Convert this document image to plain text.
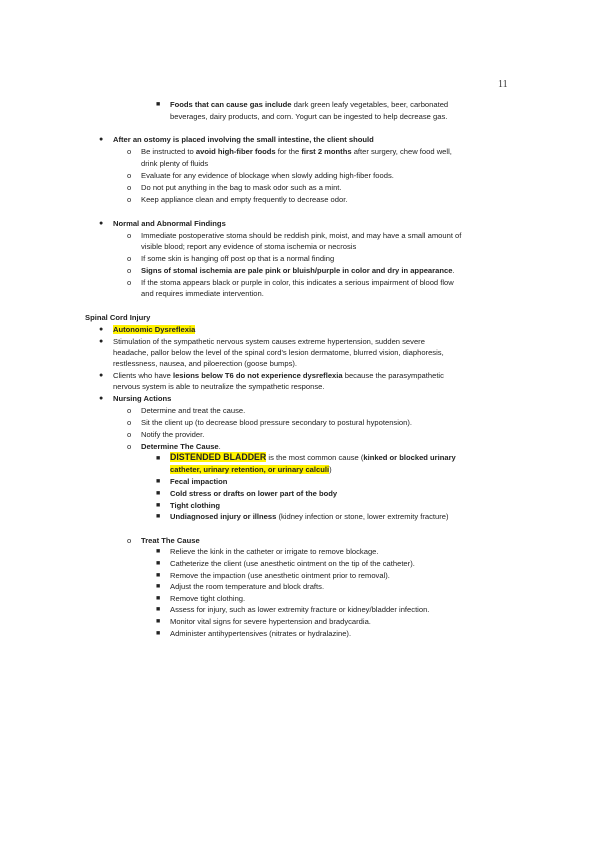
11
■ Foods that can cause gas include dark green leafy vegetables, beer, carbonated
beverages, dairy products, and corn. Yogurt can be ingested to help decrease gas.
● After an ostomy is placed involving the small intestine, the client should
o Be instructed to avoid high-fiber foods for the first 2 months after surgery, chew food well,
drink plenty of fluids
o Evaluate for any evidence of blockage when slowly adding high-fiber foods.
o Do not put anything in the bag to mask odor such as a mint.
o Keep appliance clean and empty frequently to decrease odor.
● Normal and Abnormal Findings
o Immediate postoperative stoma should be reddish pink, moist, and may have a small amount of
visible blood; report any evidence of stoma ischemia or necrosis
o If some skin is hanging off post op that is a normal finding
o Signs of stomal ischemia are pale pink or bluish/purple in color and dry in appearance.
o If the stoma appears black or purple in color, this indicates a serious impairment of blood flow
and requires immediate intervention.
Spinal Cord Injury
● Autonomic Dysreflexia
● Stimulation of the sympathetic nervous system causes extreme hypertension, sudden severe
headache, pallor below the level of the spinal cord's lesion dermatome, blurred vision, diaphoresis,
restlessness, nausea, and piloerection (goose bumps).
● Clients who have lesions below T6 do not experience dysreflexia because the parasympathetic
nervous system is able to neutralize the sympathetic response.
● Nursing Actions
o Determine and treat the cause.
o Sit the client up (to decrease blood pressure secondary to postural hypotension).
o Notify the provider.
o Determine The Cause.
■ DISTENDED BLADDER is the most common cause (kinked or blocked urinary
catheter, urinary retention, or urinary calculi)
■ Fecal impaction
■ Cold stress or drafts on lower part of the body
■ Tight clothing
■ Undiagnosed injury or illness (kidney infection or stone, lower extremity fracture)
o Treat The Cause
■ Relieve the kink in the catheter or irrigate to remove blockage.
■ Catheterize the client (use anesthetic ointment on the tip of the catheter).
■ Remove the impaction (use anesthetic ointment prior to removal).
■ Adjust the room temperature and block drafts.
■ Remove tight clothing.
■ Assess for injury, such as lower extremity fracture or kidney/bladder infection.
■ Monitor vital signs for severe hypertension and bradycardia.
■ Administer antihypertensives (nitrates or hydralazine).
